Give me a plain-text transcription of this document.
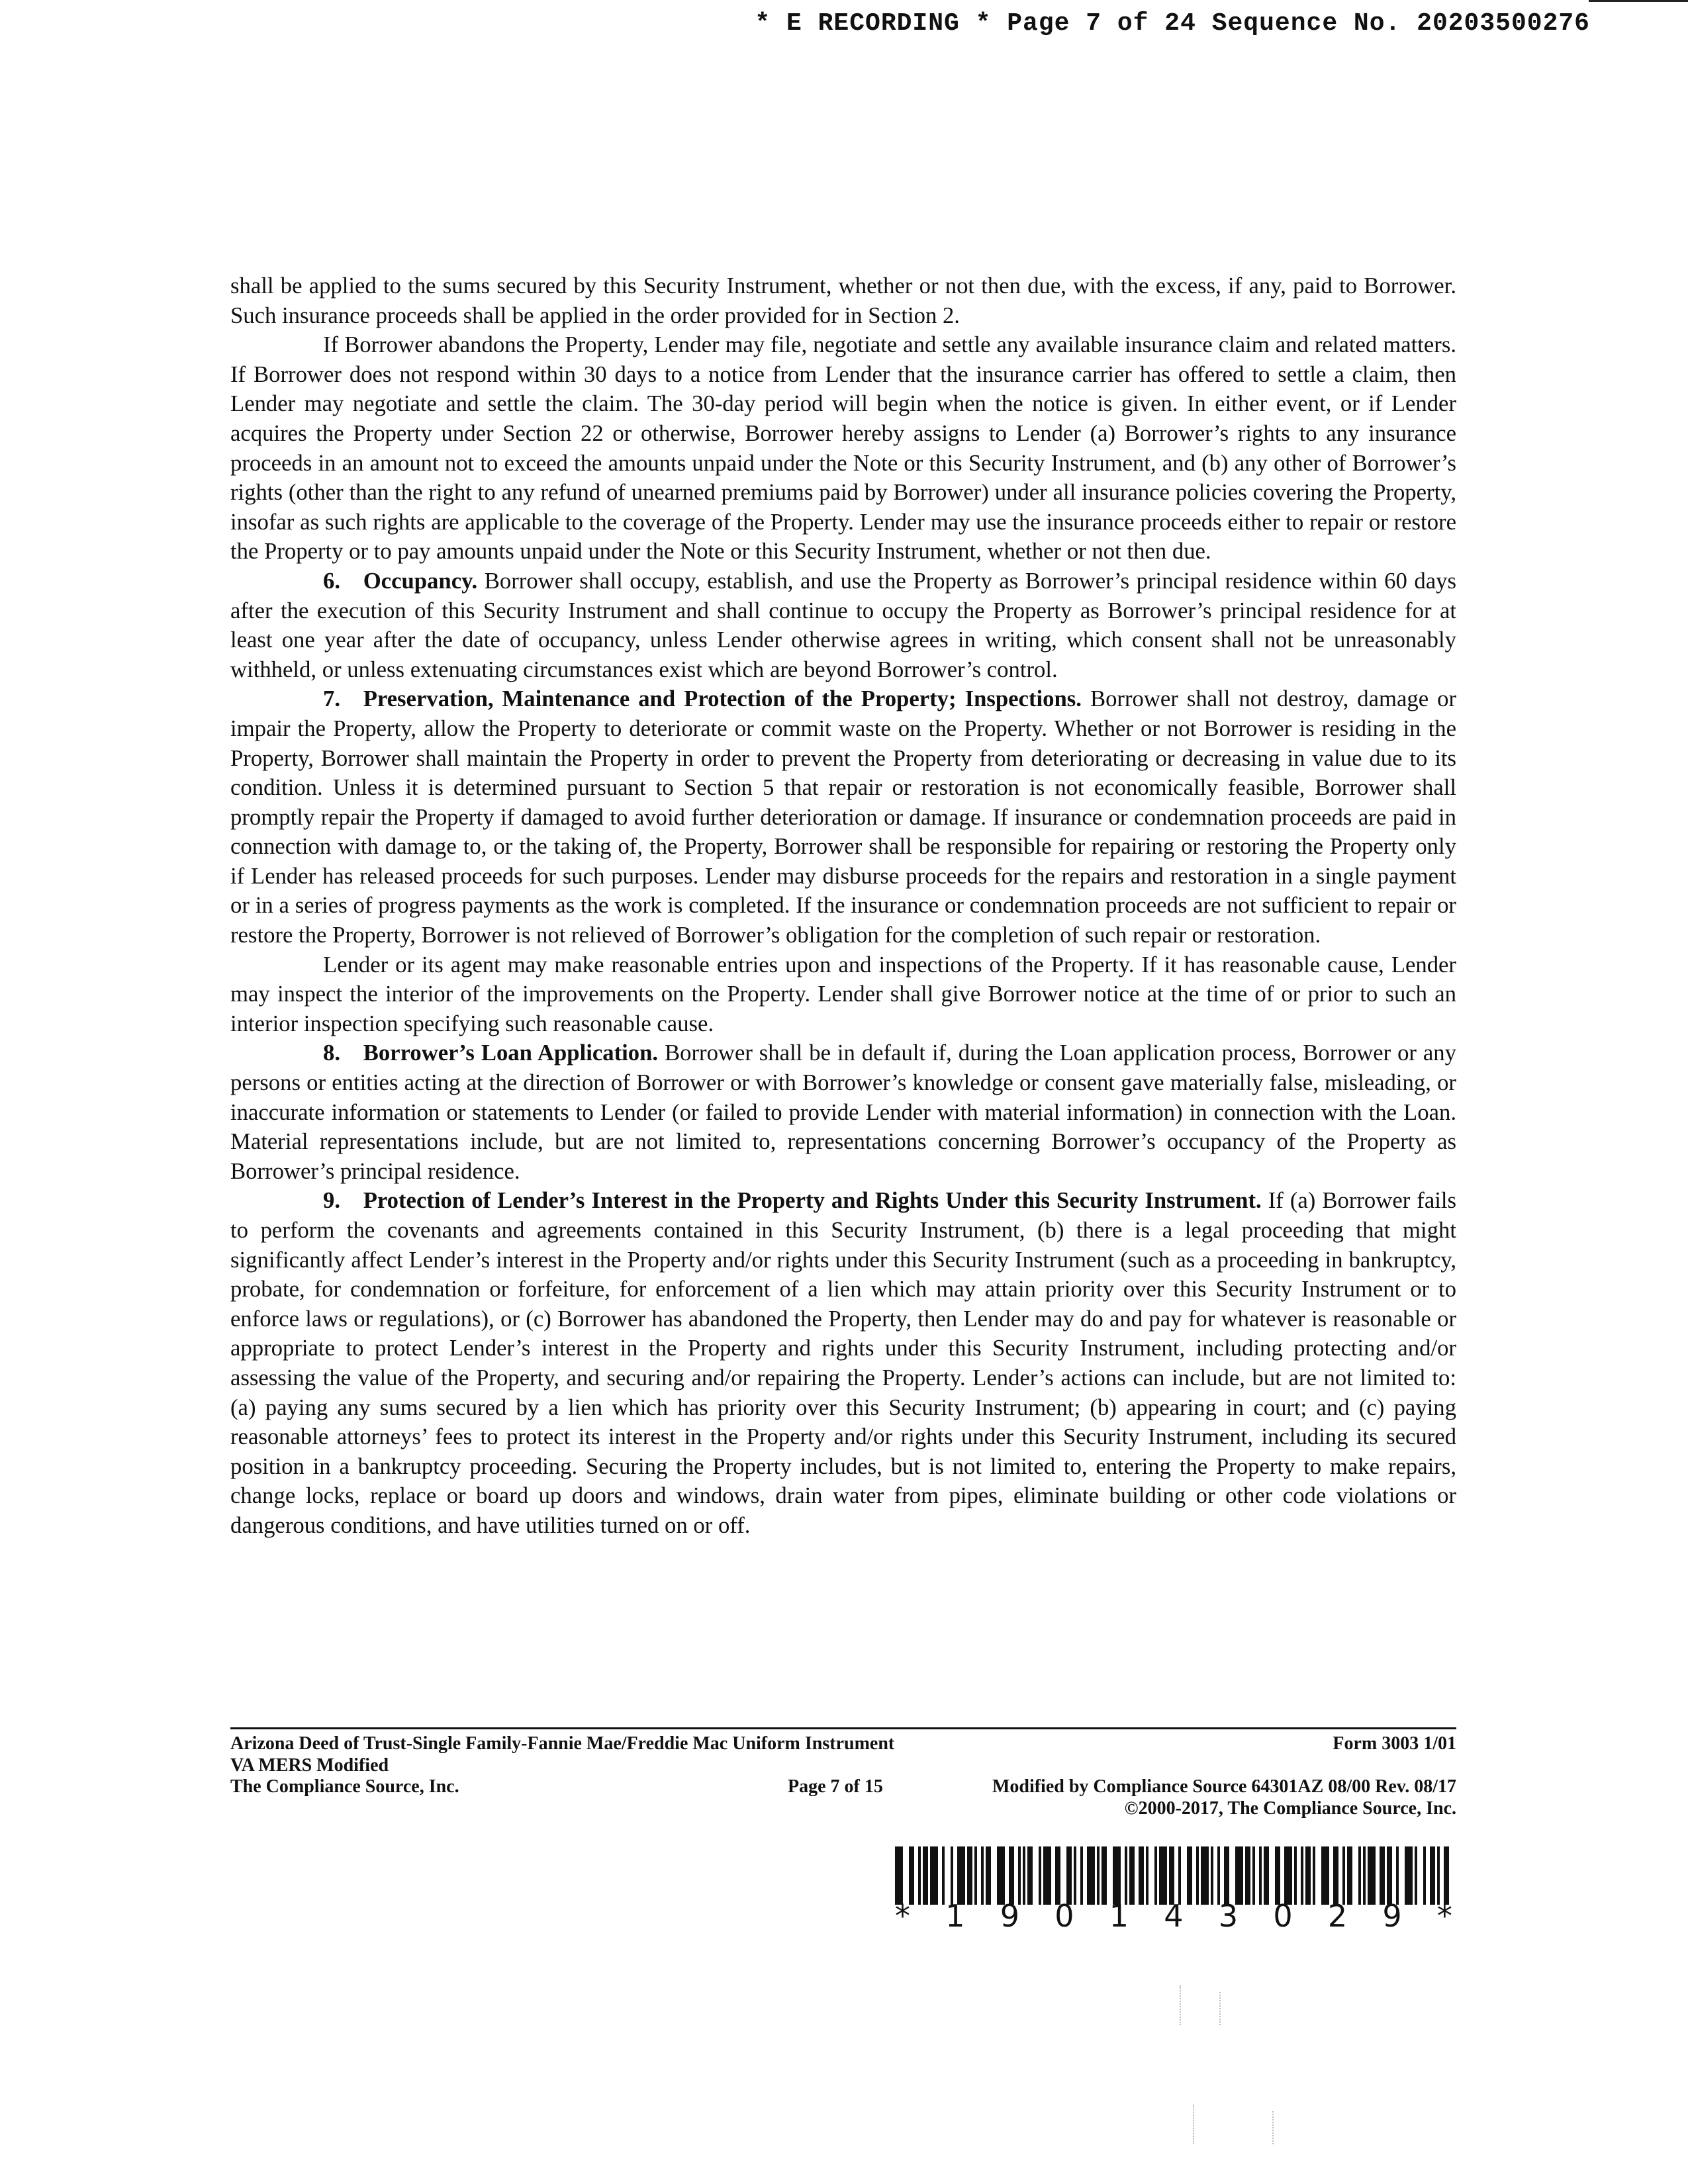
* E RECORDING * Page 7 of 24 Sequence No. 20203500276

shall be applied to the sums secured by this Security Instrument, whether or not then due, with the excess, if any, paid to Borrower. Such insurance proceeds shall be applied in the order provided for in Section 2.

If Borrower abandons the Property, Lender may file, negotiate and settle any available insurance claim and related matters. If Borrower does not respond within 30 days to a notice from Lender that the insurance carrier has offered to settle a claim, then Lender may negotiate and settle the claim. The 30-day period will begin when the notice is given. In either event, or if Lender acquires the Property under Section 22 or otherwise, Borrower hereby assigns to Lender (a) Borrower’s rights to any insurance proceeds in an amount not to exceed the amounts unpaid under the Note or this Security Instrument, and (b) any other of Borrower’s rights (other than the right to any refund of unearned premiums paid by Borrower) under all insurance policies covering the Property, insofar as such rights are applicable to the coverage of the Property. Lender may use the insurance proceeds either to repair or restore the Property or to pay amounts unpaid under the Note or this Security Instrument, whether or not then due.

6. Occupancy. Borrower shall occupy, establish, and use the Property as Borrower’s principal residence within 60 days after the execution of this Security Instrument and shall continue to occupy the Property as Borrower’s principal residence for at least one year after the date of occupancy, unless Lender otherwise agrees in writing, which consent shall not be unreasonably withheld, or unless extenuating circumstances exist which are beyond Borrower’s control.

7. Preservation, Maintenance and Protection of the Property; Inspections. Borrower shall not destroy, damage or impair the Property, allow the Property to deteriorate or commit waste on the Property. Whether or not Borrower is residing in the Property, Borrower shall maintain the Property in order to prevent the Property from deteriorating or decreasing in value due to its condition. Unless it is determined pursuant to Section 5 that repair or restoration is not economically feasible, Borrower shall promptly repair the Property if damaged to avoid further deterioration or damage. If insurance or condemnation proceeds are paid in connection with damage to, or the taking of, the Property, Borrower shall be responsible for repairing or restoring the Property only if Lender has released proceeds for such purposes. Lender may disburse proceeds for the repairs and restoration in a single payment or in a series of progress payments as the work is completed. If the insurance or condemnation proceeds are not sufficient to repair or restore the Property, Borrower is not relieved of Borrower’s obligation for the completion of such repair or restoration.

Lender or its agent may make reasonable entries upon and inspections of the Property. If it has reasonable cause, Lender may inspect the interior of the improvements on the Property. Lender shall give Borrower notice at the time of or prior to such an interior inspection specifying such reasonable cause.

8. Borrower’s Loan Application. Borrower shall be in default if, during the Loan application process, Borrower or any persons or entities acting at the direction of Borrower or with Borrower’s knowledge or consent gave materially false, misleading, or inaccurate information or statements to Lender (or failed to provide Lender with material information) in connection with the Loan. Material representations include, but are not limited to, representations concerning Borrower’s occupancy of the Property as Borrower’s principal residence.

9. Protection of Lender’s Interest in the Property and Rights Under this Security Instrument. If (a) Borrower fails to perform the covenants and agreements contained in this Security Instrument, (b) there is a legal proceeding that might significantly affect Lender’s interest in the Property and/or rights under this Security Instrument (such as a proceeding in bankruptcy, probate, for condemnation or forfeiture, for enforcement of a lien which may attain priority over this Security Instrument or to enforce laws or regulations), or (c) Borrower has abandoned the Property, then Lender may do and pay for whatever is reasonable or appropriate to protect Lender’s interest in the Property and rights under this Security Instrument, including protecting and/or assessing the value of the Property, and securing and/or repairing the Property. Lender’s actions can include, but are not limited to: (a) paying any sums secured by a lien which has priority over this Security Instrument; (b) appearing in court; and (c) paying reasonable attorneys’ fees to protect its interest in the Property and/or rights under this Security Instrument, including its secured position in a bankruptcy proceeding. Securing the Property includes, but is not limited to, entering the Property to make repairs, change locks, replace or board up doors and windows, drain water from pipes, eliminate building or other code violations or dangerous conditions, and have utilities turned on or off.

Arizona Deed of Trust-Single Family-Fannie Mae/Freddie Mac Uniform Instrument	Form 3003 1/01
VA MERS Modified
The Compliance Source, Inc.	Page 7 of 15	Modified by Compliance Source 64301AZ 08/00 Rev. 08/17
©2000-2017, The Compliance Source, Inc.
* 1 9 0 1 4 3 0 2 9 *
